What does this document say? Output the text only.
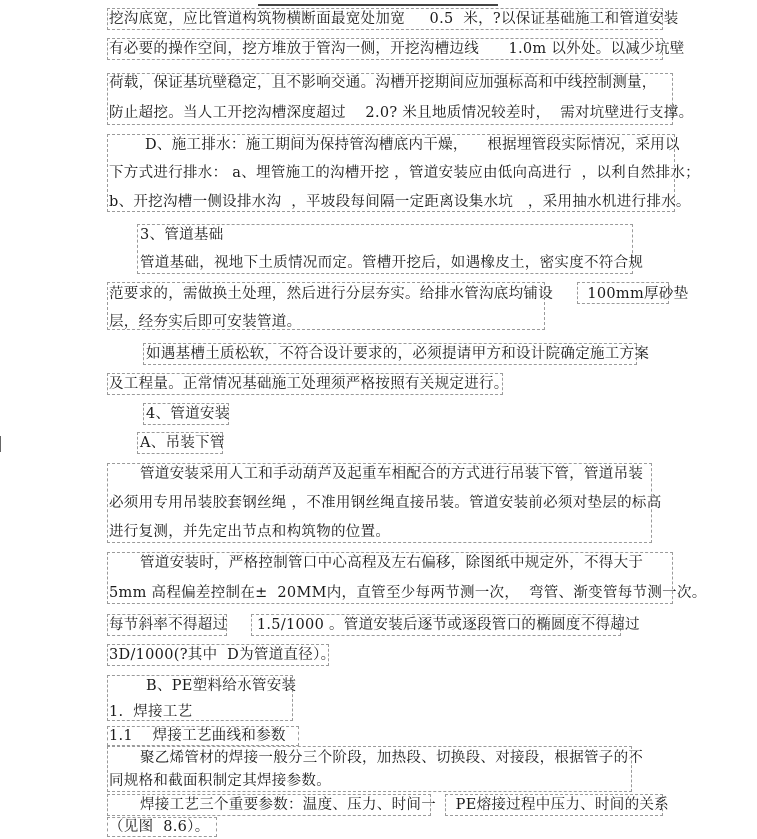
挖沟底宽，应比管道构筑物横断面最宽处加宽     0.5  米，?以保证基础施工和管道安装
有必要的操作空间，挖方堆放于管沟一侧，开挖沟槽边线      1.0m 以外处。以减少坑壁
荷载，保证基坑壁稳定，且不影响交通。沟槽开挖期间应加强标高和中线控制测量，
防止超挖。当人工开挖沟槽深度超过    2.0? 米且地质情况较差时，  需对坑壁进行支撑。
D、施工排水：施工期间为保持管沟槽底内干燥，    根据埋管段实际情况，采用以
下方式进行排水： a、埋管施工的沟槽开挖 ，管道安装应由低向高进行  ，以利自然排水；
b、开挖沟槽一侧设排水沟  ，平坡段每间隔一定距离设集水坑   ，采用抽水机进行排水。
3、管道基础
管道基础，视地下土质情况而定。管槽开挖后，如遇橡皮土，密实度不符合规
范要求的，需做换土处理，然后进行分层夯实。给排水管沟底均铺设       100mm厚砂垫
层，经夯实后即可安装管道。
如遇基槽土质松软，不符合设计要求的，必须提请甲方和设计院确定施工方案
及工程量。正常情况基础施工处理须严格按照有关规定进行。
4、管道安装
A、吊装下管
管道安装采用人工和手动葫芦及起重车相配合的方式进行吊装下管，管道吊装
必须用专用吊装胶套钢丝绳 ，不准用钢丝绳直接吊装。管道安装前必须对垫层的标高
进行复测，并先定出节点和构筑物的位置。
管道安装时，严格控制管口中心高程及左右偏移，除图纸中规定外，不得大于
5mm 高程偏差控制在±  20MM内，直管至少每两节测一次，  弯管、渐变管每节测一次。
每节斜率不得超过      1.5/1000 。管道安装后逐节或逐段管口的椭圆度不得超过
3D/1000(?其中  D为管道直径）。
B、PE塑料给水管安装
1.  焊接工艺
1.1    焊接工艺曲线和参数
聚乙烯管材的焊接一般分三个阶段，加热段、切换段、对接段，根据管子的不
同规格和截面积制定其焊接参数。
焊接工艺三个重要参数：温度、压力、时间一    PE熔接过程中压力、时间的关系
（见图  8.6）。
